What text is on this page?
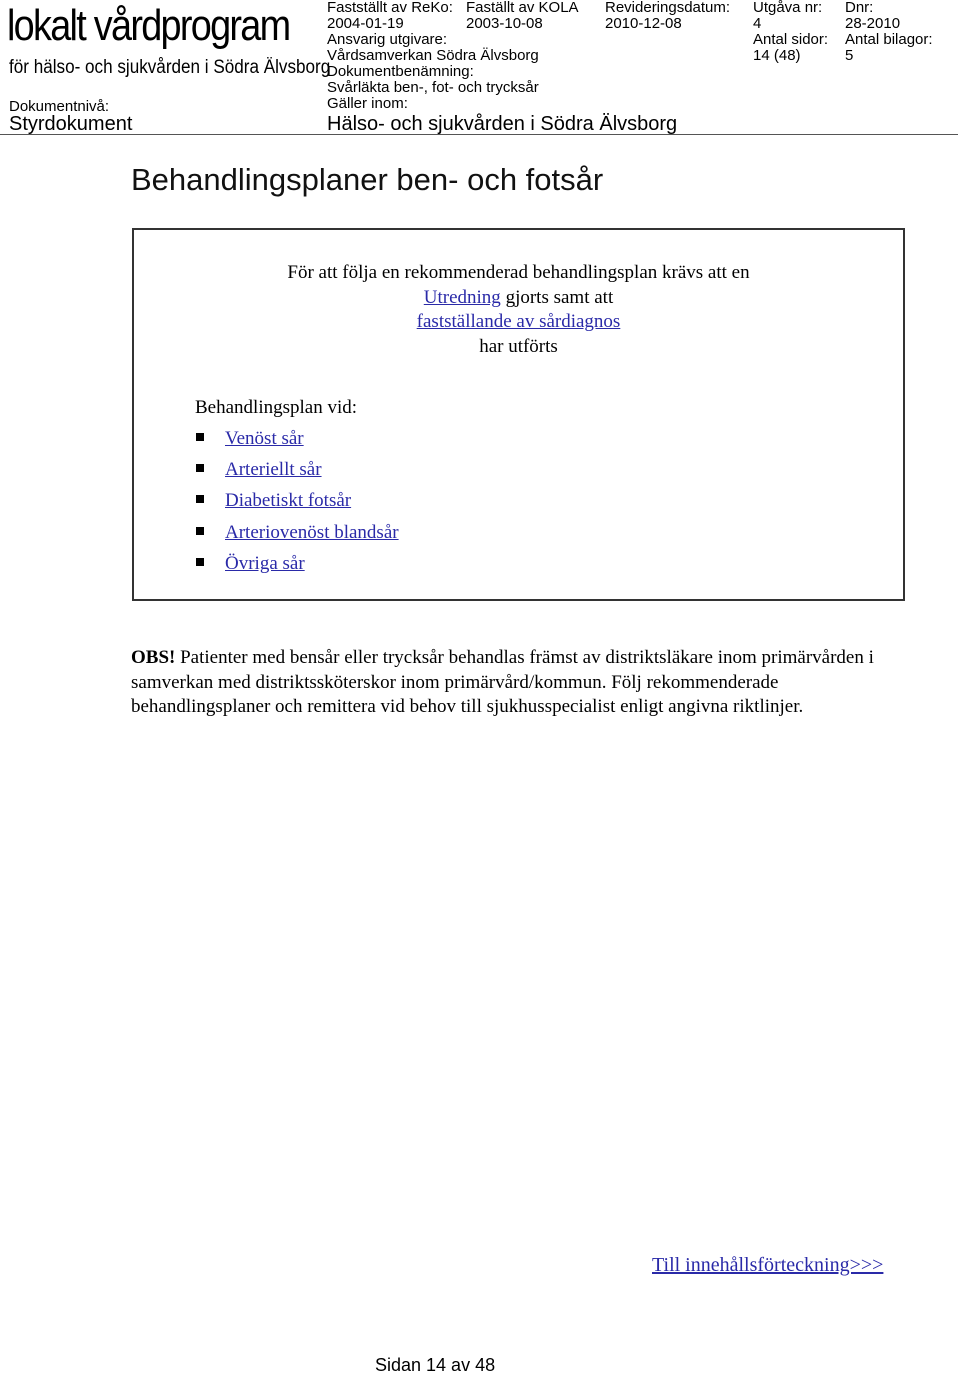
lokalt vårdprogram
för hälso- och sjukvården i Södra Älvsborg
Dokumentnivå:
Styrdokument
Fastställt av ReKo:
2004-01-19
Faställt av KOLA
2003-10-08
Revideringsdatum:
2010-12-08
Utgåva nr:
4
Dnr:
28-2010
Ansvarig utgivare:
Vårdsamverkan Södra Älvsborg
Antal sidor:
14 (48)
Antal bilagor:
5
Dokumentbenämning:
Svårläkta ben-, fot- och trycksår
Gäller inom:
Hälso- och sjukvården i Södra Älvsborg
Behandlingsplaner ben- och fotsår
För att följa en rekommenderad behandlingsplan krävs att en
Utredning gjorts samt att
fastställande av sårdiagnos
har utförts
Behandlingsplan vid:
Venöst sår
Arteriellt sår
Diabetiskt fotsår
Arteriovenöst blandsår
Övriga sår
OBS! Patienter med bensår eller trycksår behandlas främst av distriktsläkare inom primärvården i samverkan med distriktssköterskor inom primärvård/kommun. Följ rekommenderade behandlingsplaner och remittera vid behov till sjukhusspecialist enligt angivna riktlinjer.
Till innehållsförteckning>>>
Sidan 14 av 48
